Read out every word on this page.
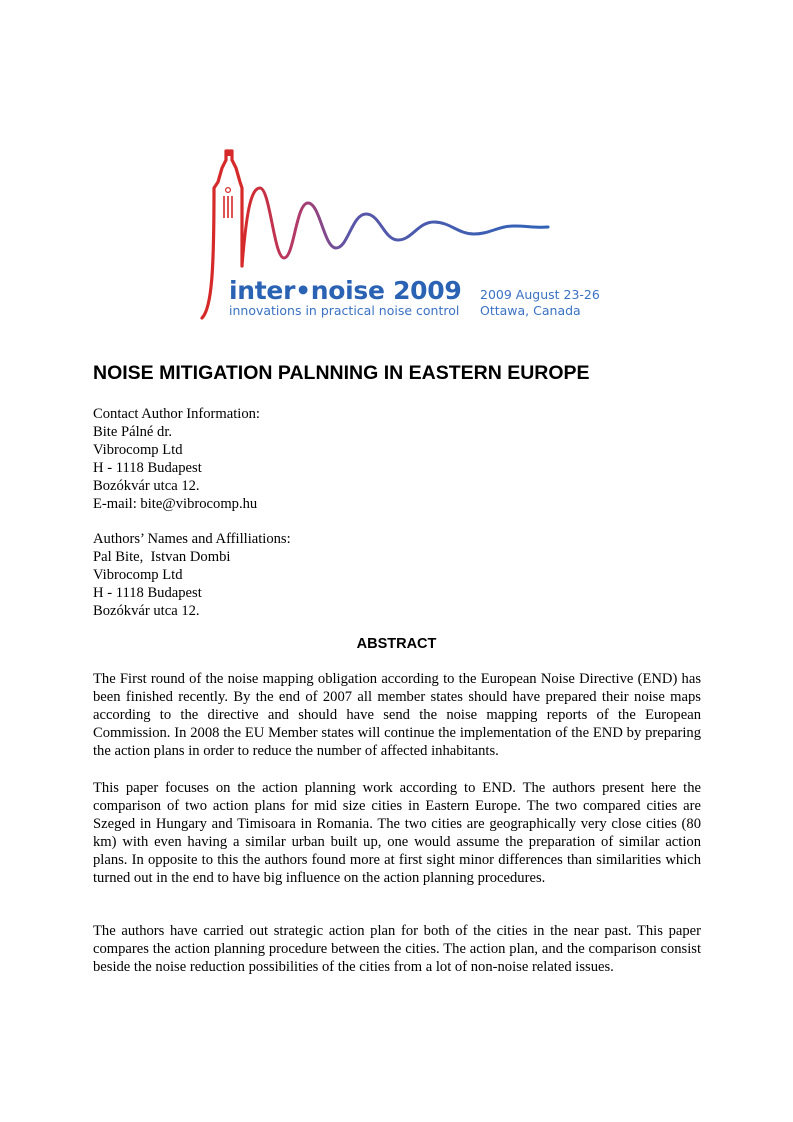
inter•noise 2009
innovations in practical noise control
2009 August 23-26
Ottawa, Canada
NOISE MITIGATION PALNNING IN EASTERN EUROPE
Contact Author Information:
Bite Pálné dr.
Vibrocomp Ltd
H - 1118 Budapest
Bozókvár utca 12.
E-mail: bite@vibrocomp.hu
Authors’ Names and Affilliations:
Pal Bite,  Istvan Dombi
Vibrocomp Ltd
H - 1118 Budapest
Bozókvár utca 12.
ABSTRACT

The First round of the noise mapping obligation according to the European Noise Directive (END) has been finished recently. By the end of 2007 all member states should have prepared their noise maps according to the directive and should have send the noise mapping reports of the European Commission. In 2008 the EU Member states will continue the implementation of the END by preparing the action plans in order to reduce the number of affected inhabitants.

This paper focuses on the action planning work according to END. The authors present here the comparison of two action plans for mid size cities in Eastern Europe. The two compared cities are Szeged in Hungary and Timisoara in Romania. The two cities are geographically very close cities (80 km) with even having a similar urban built up, one would assume the preparation of similar action plans. In opposite to this the authors found more at first sight minor differences than similarities which turned out in the end to have big influence on the action planning procedures.

The authors have carried out strategic action plan for both of the cities in the near past. This paper compares the action planning procedure between the cities. The action plan, and the comparison consist beside the noise reduction possibilities of the cities from a lot of non-noise related issues.
